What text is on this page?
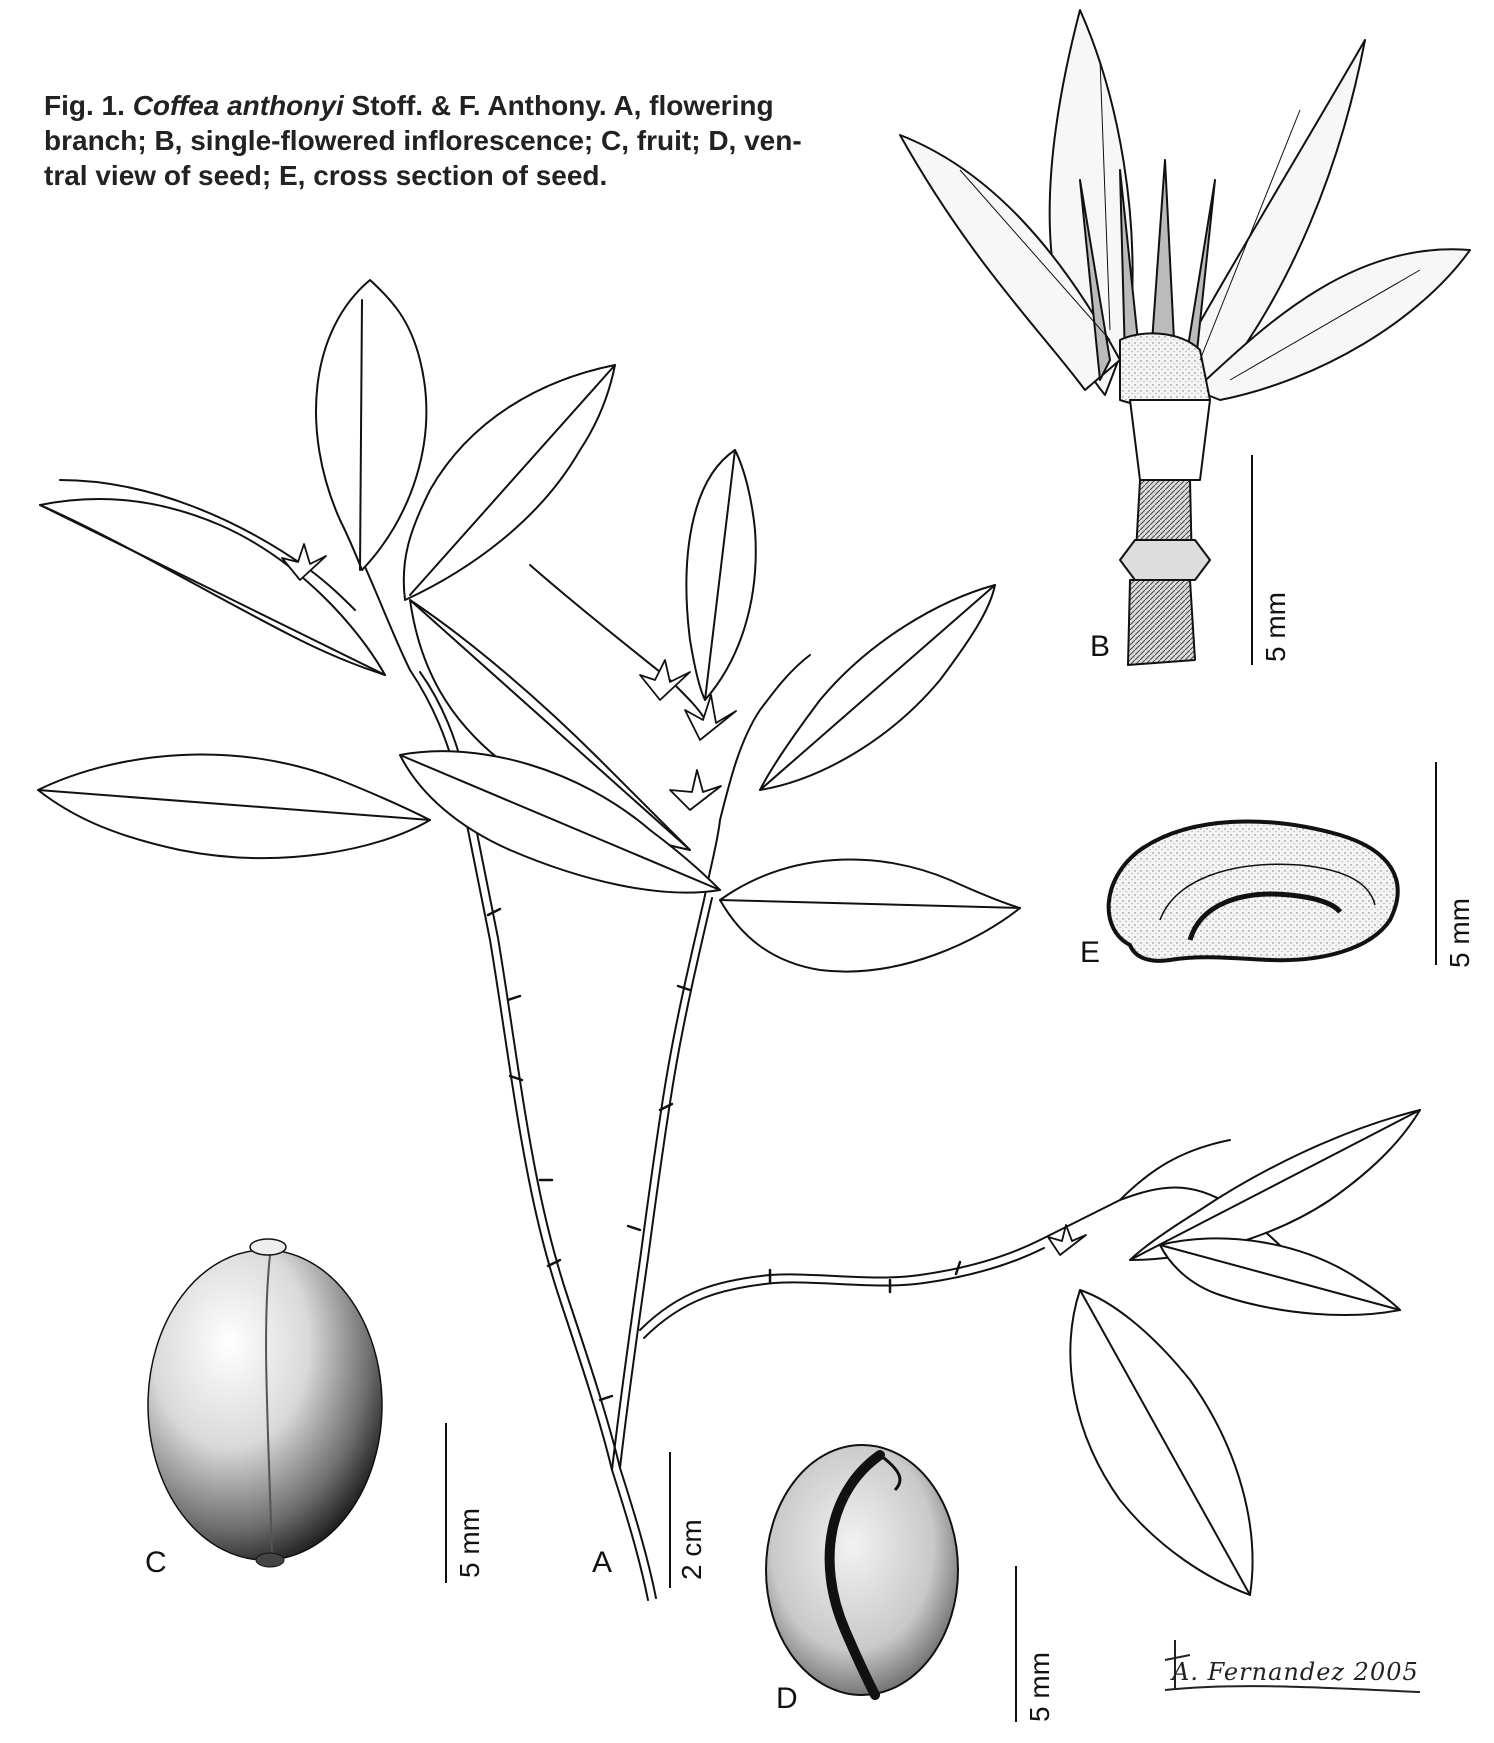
Fig. 1. Coffea anthonyi Stoff. & F. Anthony. A, flowering
branch; B, single-flowered inflorescence; C, fruit; D, ven-
tral view of seed; E, cross section of seed.
A
B
C
D
E
2 cm
5 mm
5 mm
5 mm
5 mm
A. Fernandez 2005
